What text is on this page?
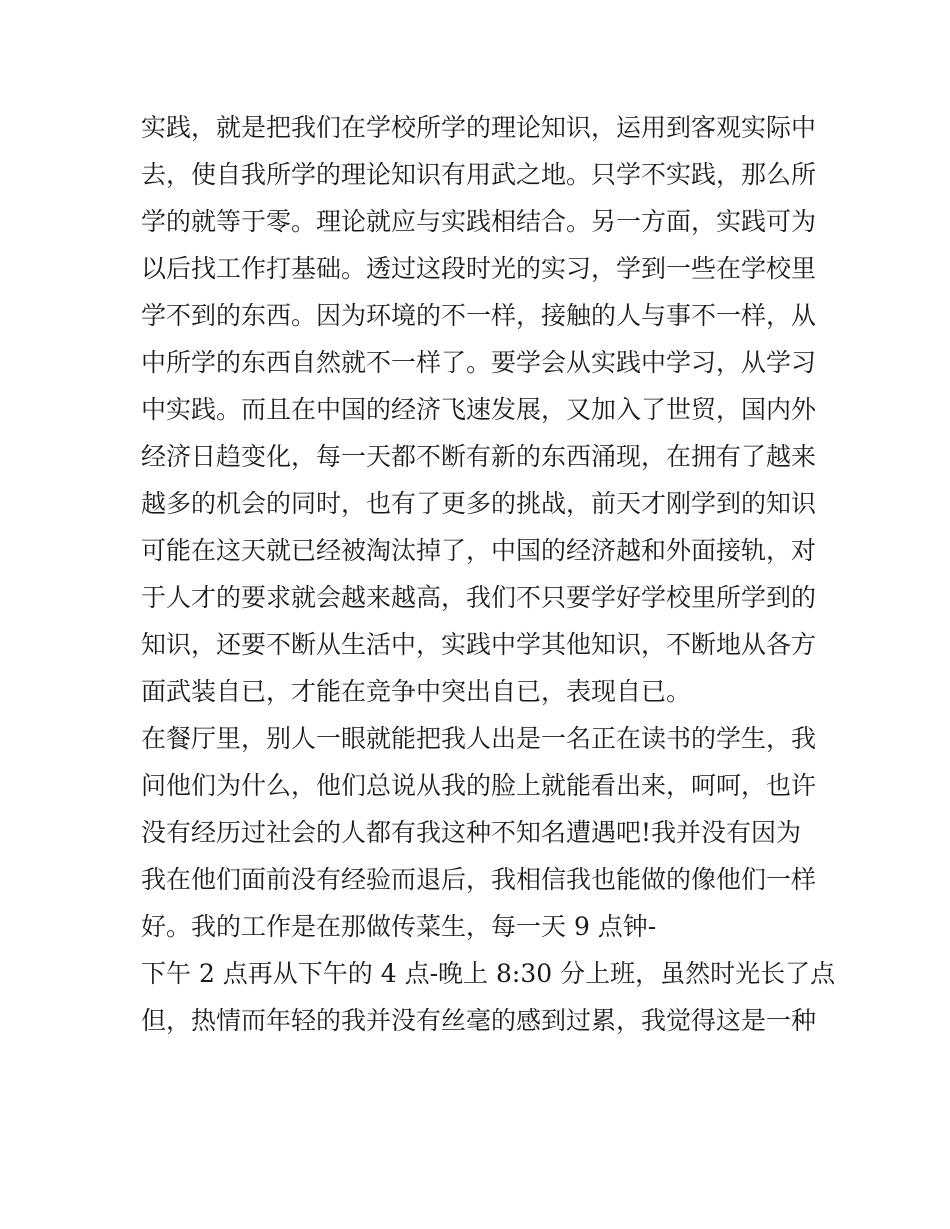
实践，就是把我们在学校所学的理论知识，运用到客观实际中
去，使自我所学的理论知识有用武之地。只学不实践，那么所
学的就等于零。理论就应与实践相结合。另一方面，实践可为
以后找工作打基础。透过这段时光的实习，学到一些在学校里
学不到的东西。因为环境的不一样，接触的人与事不一样，从
中所学的东西自然就不一样了。要学会从实践中学习，从学习
中实践。而且在中国的经济飞速发展，又加入了世贸，国内外
经济日趋变化，每一天都不断有新的东西涌现，在拥有了越来
越多的机会的同时，也有了更多的挑战，前天才刚学到的知识
可能在这天就已经被淘汰掉了，中国的经济越和外面接轨，对
于人才的要求就会越来越高，我们不只要学好学校里所学到的
知识，还要不断从生活中，实践中学其他知识，不断地从各方
面武装自已，才能在竞争中突出自已，表现自已。
在餐厅里，别人一眼就能把我人出是一名正在读书的学生，我
问他们为什么，他们总说从我的脸上就能看出来，呵呵，也许
没有经历过社会的人都有我这种不知名遭遇吧!我并没有因为
我在他们面前没有经验而退后，我相信我也能做的像他们一样
好。我的工作是在那做传菜生，每一天 9 点钟-
下午 2 点再从下午的 4 点-晚上 8:30 分上班，虽然时光长了点
但，热情而年轻的我并没有丝毫的感到过累，我觉得这是一种
